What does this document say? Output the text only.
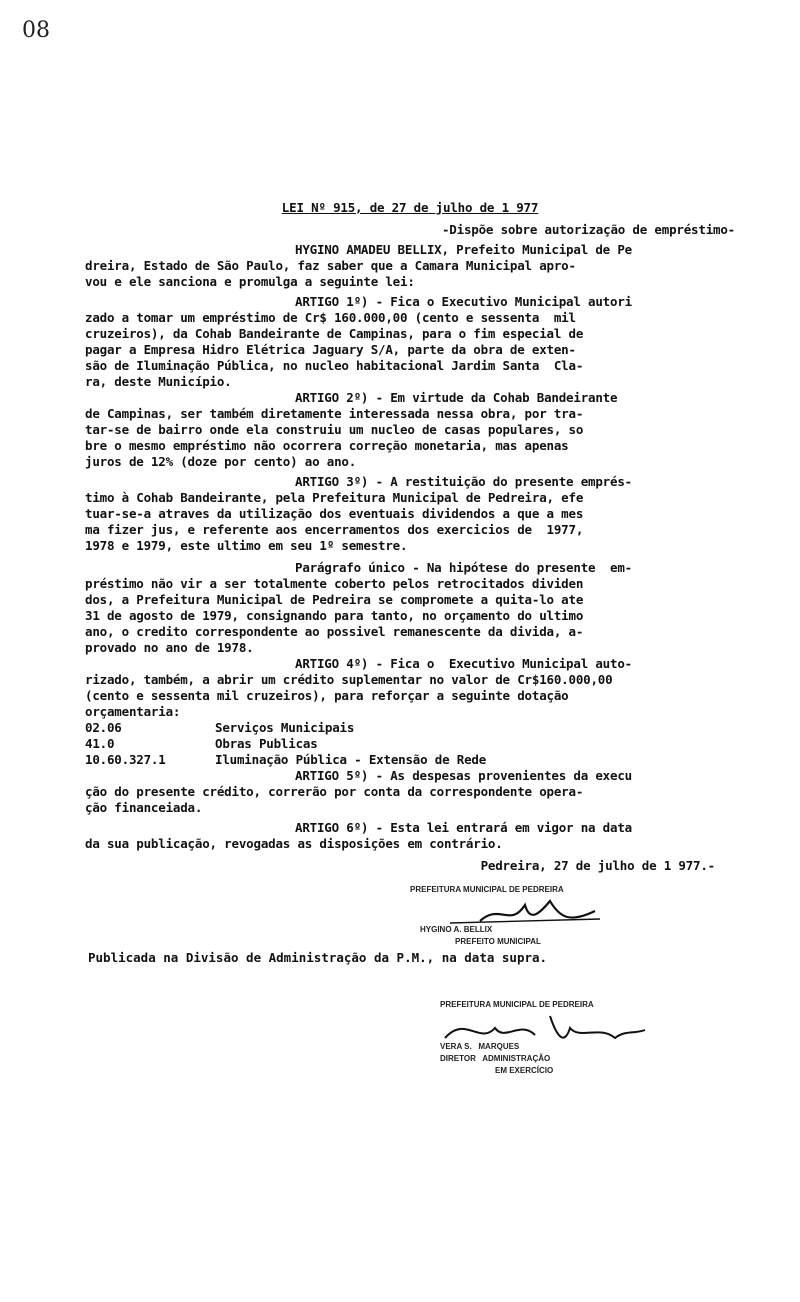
08
LEI Nº 915, de 27 de julho de 1 977
-Dispõe sobre autorização de empréstimo-
HYGINO AMADEU BELLIX, Prefeito Municipal de Pe
dreira, Estado de São Paulo, faz saber que a Camara Municipal apro-
vou e ele sanciona e promulga a seguinte lei:
ARTIGO 1º) - Fica o Executivo Municipal autori
zado a tomar um empréstimo de Cr$ 160.000,00 (cento e sessenta  mil
cruzeiros), da Cohab Bandeirante de Campinas, para o fim especial de
pagar a Empresa Hidro Elétrica Jaguary S/A, parte da obra de exten-
são de Iluminação Pública, no nucleo habitacional Jardim Santa  Cla-
ra, deste Município.
ARTIGO 2º) - Em virtude da Cohab Bandeirante
de Campinas, ser também diretamente interessada nessa obra, por tra-
tar-se de bairro onde ela construiu um nucleo de casas populares, so
bre o mesmo empréstimo não ocorrera correção monetaria, mas apenas
juros de 12% (doze por cento) ao ano.
ARTIGO 3º) - A restituição do presente emprés-
timo à Cohab Bandeirante, pela Prefeitura Municipal de Pedreira, efe
tuar-se-a atraves da utilização dos eventuais dividendos a que a mes
ma fizer jus, e referente aos encerramentos dos exercicios de  1977,
1978 e 1979, este ultimo em seu 1º semestre.
Parágrafo único - Na hipótese do presente  em-
préstimo não vir a ser totalmente coberto pelos retrocitados dividen
dos, a Prefeitura Municipal de Pedreira se compromete a quita-lo ate
31 de agosto de 1979, consignando para tanto, no orçamento do ultimo
ano, o credito correspondente ao possivel remanescente da divida, a-
provado no ano de 1978.
ARTIGO 4º) - Fica o  Executivo Municipal auto-
rizado, também, a abrir um crédito suplementar no valor de Cr$160.000,00
(cento e sessenta mil cruzeiros), para reforçar a seguinte dotação
orçamentaria:
02.06	Serviços Municipais
41.0	Obras Publicas
10.60.327.1	Iluminação Pública - Extensão de Rede
ARTIGO 5º) - As despesas provenientes da execu
ção do presente crédito, correrão por conta da correspondente opera-
ção financeiada.
ARTIGO 6º) - Esta lei entrará em vigor na data
da sua publicação, revogadas as disposições em contrário.
Pedreira, 27 de julho de 1 977.-
PREFEITURA MUNICIPAL DE PEDREIRA
HYGINO A. BELLIX
PREFEITO MUNICIPAL
Publicada na Divisão de Administração da P.M., na data supra.
PREFEITURA MUNICIPAL DE PEDREIRA
VERA S.   MARQUES
DIRETOR   ADMINISTRAÇÃO
EM EXERCÍCIO
